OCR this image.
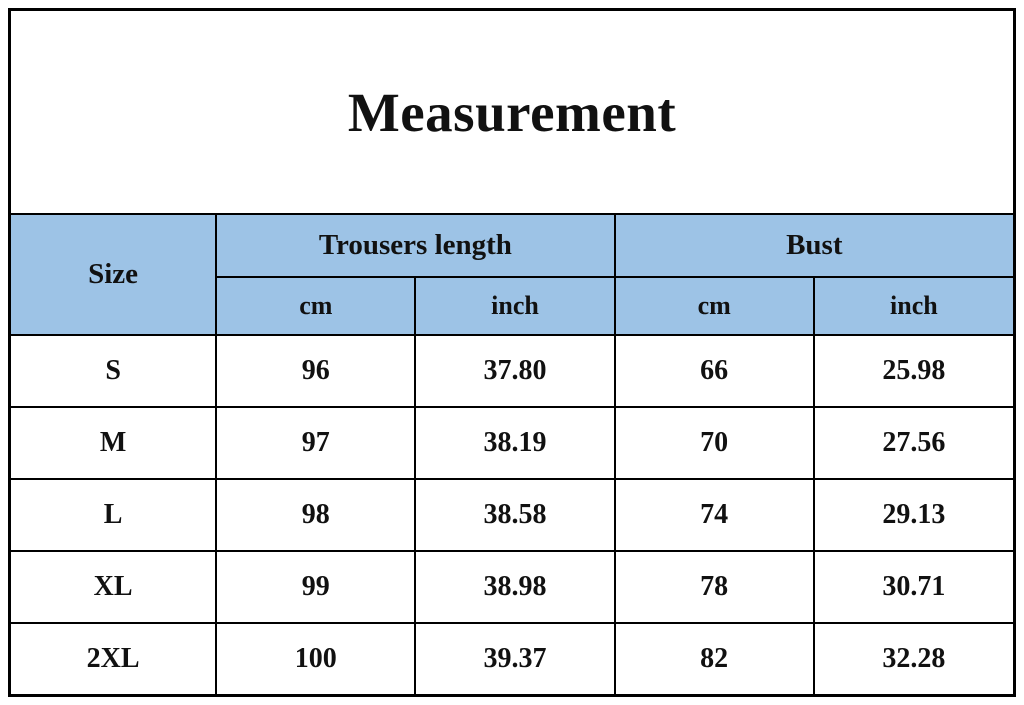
Measurement				
Size	Trousers length		Bust	
	cm	inch	cm	inch
S	96	37.80	66	25.98
M	97	38.19	70	27.56
L	98	38.58	74	29.13
XL	99	38.98	78	30.71
2XL	100	39.37	82	32.28
